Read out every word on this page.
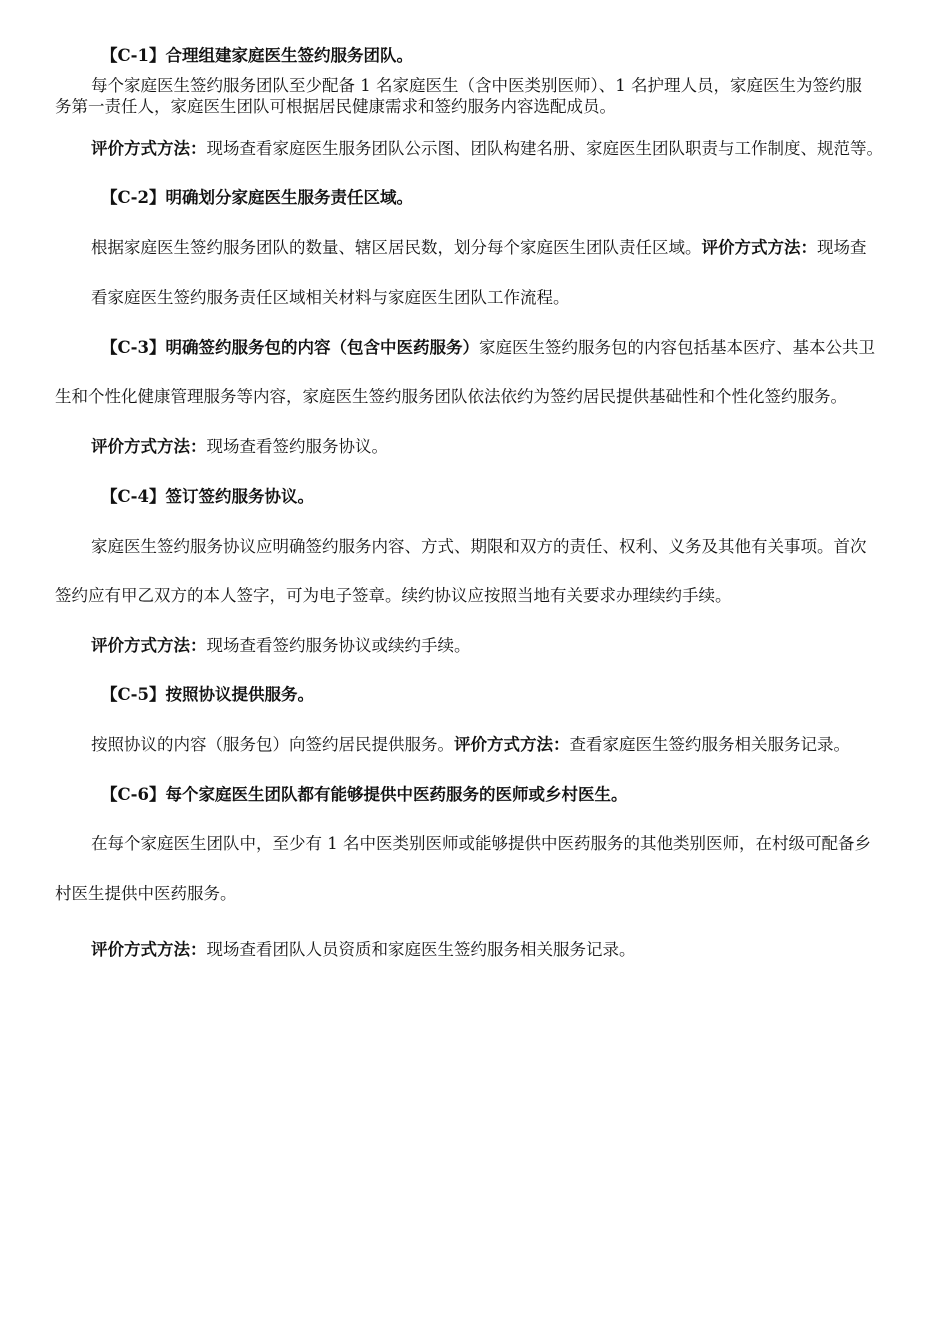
【C-1】合理组建家庭医生签约服务团队。
每个家庭医生签约服务团队至少配备 1 名家庭医生（含中医类别医师）、1 名护理人员，家庭医生为签约服
务第一责任人，家庭医生团队可根据居民健康需求和签约服务内容选配成员。
评价方式方法：现场查看家庭医生服务团队公示图、团队构建名册、家庭医生团队职责与工作制度、规范等。
【C-2】明确划分家庭医生服务责任区域。
根据家庭医生签约服务团队的数量、辖区居民数，划分每个家庭医生团队责任区域。评价方式方法：现场查
看家庭医生签约服务责任区域相关材料与家庭医生团队工作流程。
【C-3】明确签约服务包的内容（包含中医药服务）家庭医生签约服务包的内容包括基本医疗、基本公共卫
生和个性化健康管理服务等内容，家庭医生签约服务团队依法依约为签约居民提供基础性和个性化签约服务。
评价方式方法：现场查看签约服务协议。
【C-4】签订签约服务协议。
家庭医生签约服务协议应明确签约服务内容、方式、期限和双方的责任、权利、义务及其他有关事项。首次
签约应有甲乙双方的本人签字，可为电子签章。续约协议应按照当地有关要求办理续约手续。
评价方式方法：现场查看签约服务协议或续约手续。
【C-5】按照协议提供服务。
按照协议的内容（服务包）向签约居民提供服务。评价方式方法：查看家庭医生签约服务相关服务记录。
【C-6】每个家庭医生团队都有能够提供中医药服务的医师或乡村医生。
在每个家庭医生团队中，至少有 1 名中医类别医师或能够提供中医药服务的其他类别医师，在村级可配备乡
村医生提供中医药服务。
评价方式方法：现场查看团队人员资质和家庭医生签约服务相关服务记录。
